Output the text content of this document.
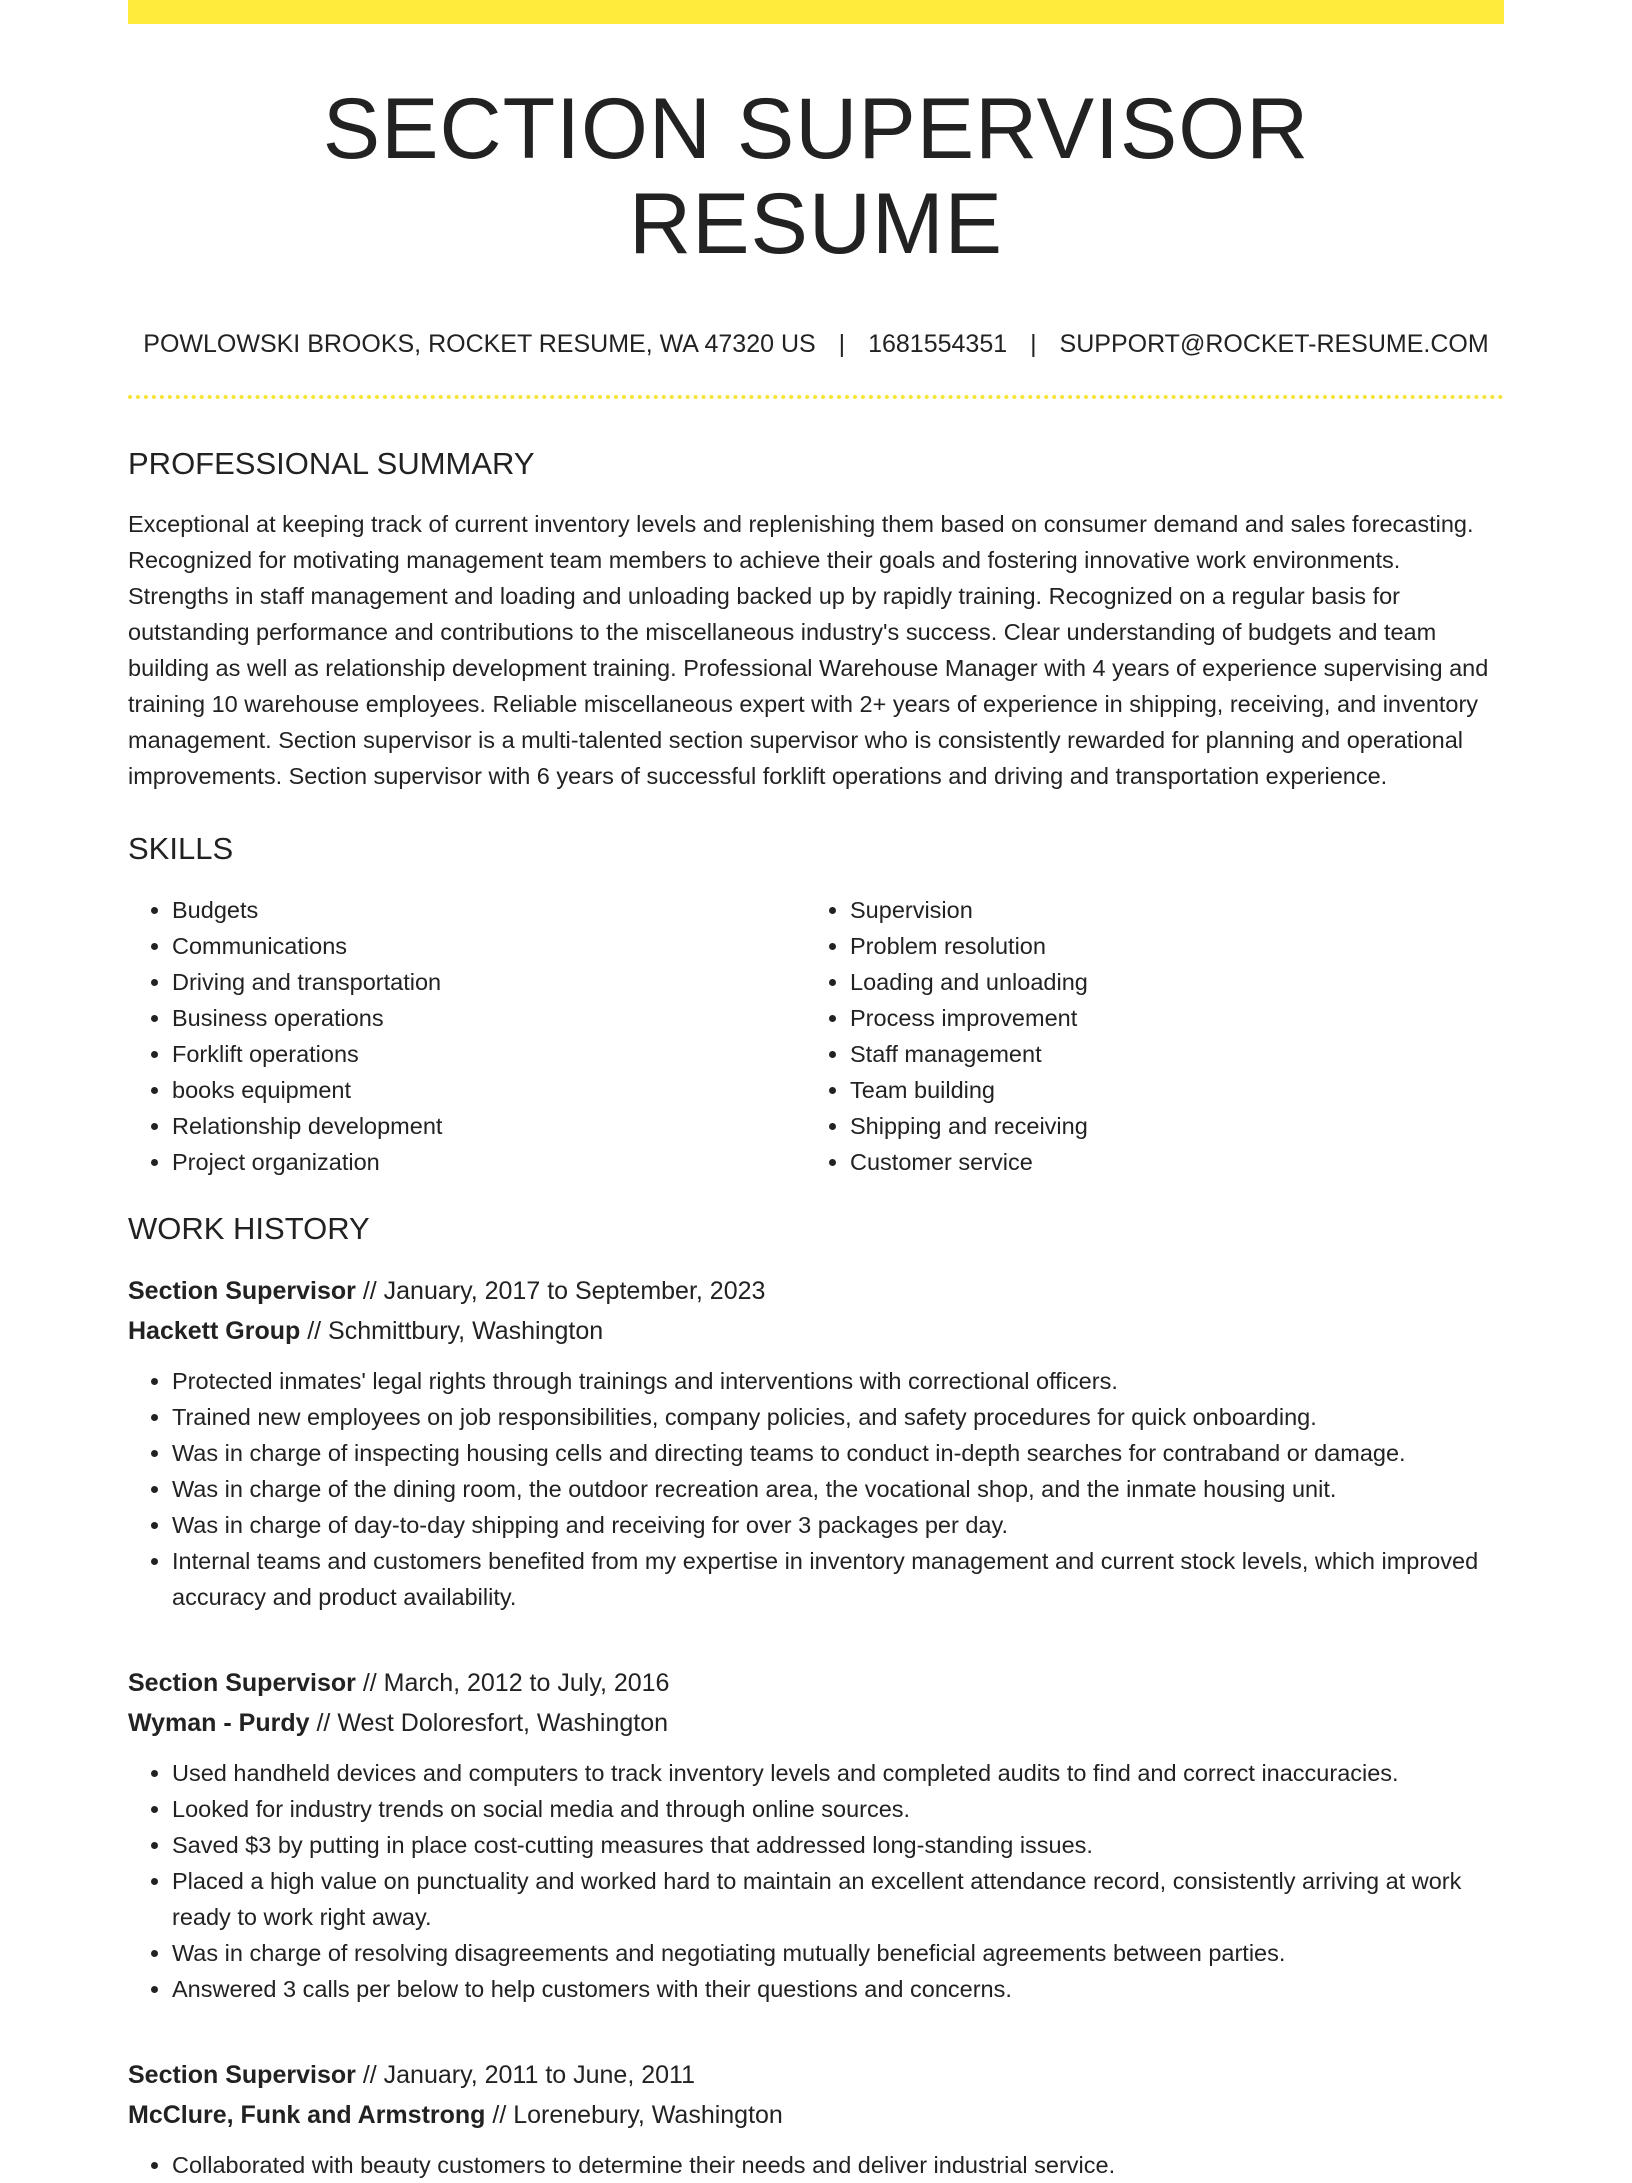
SECTION SUPERVISOR RESUME
POWLOWSKI BROOKS, ROCKET RESUME, WA 47320 US | 1681554351 | SUPPORT@ROCKET-RESUME.COM
PROFESSIONAL SUMMARY

Exceptional at keeping track of current inventory levels and replenishing them based on consumer demand and sales forecasting. Recognized for motivating management team members to achieve their goals and fostering innovative work environments. Strengths in staff management and loading and unloading backed up by rapidly training. Recognized on a regular basis for outstanding performance and contributions to the miscellaneous industry's success. Clear understanding of budgets and team building as well as relationship development training. Professional Warehouse Manager with 4 years of experience supervising and training 10 warehouse employees. Reliable miscellaneous expert with 2+ years of experience in shipping, receiving, and inventory management. Section supervisor is a multi-talented section supervisor who is consistently rewarded for planning and operational improvements. Section supervisor with 6 years of successful forklift operations and driving and transportation experience.

SKILLS
• Budgets
• Communications
• Driving and transportation
• Business operations
• Forklift operations
• books equipment
• Relationship development
• Project organization
• Supervision
• Problem resolution
• Loading and unloading
• Process improvement
• Staff management
• Team building
• Shipping and receiving
• Customer service
WORK HISTORY
Section Supervisor // January, 2017 to September, 2023
Hackett Group // Schmittbury, Washington
• Protected inmates' legal rights through trainings and interventions with correctional officers.
• Trained new employees on job responsibilities, company policies, and safety procedures for quick onboarding.
• Was in charge of inspecting housing cells and directing teams to conduct in-depth searches for contraband or damage.
• Was in charge of the dining room, the outdoor recreation area, the vocational shop, and the inmate housing unit.
• Was in charge of day-to-day shipping and receiving for over 3 packages per day.
• Internal teams and customers benefited from my expertise in inventory management and current stock levels, which improved accuracy and product availability.
Section Supervisor // March, 2012 to July, 2016
Wyman - Purdy // West Doloresfort, Washington
• Used handheld devices and computers to track inventory levels and completed audits to find and correct inaccuracies.
• Looked for industry trends on social media and through online sources.
• Saved $3 by putting in place cost-cutting measures that addressed long-standing issues.
• Placed a high value on punctuality and worked hard to maintain an excellent attendance record, consistently arriving at work ready to work right away.
• Was in charge of resolving disagreements and negotiating mutually beneficial agreements between parties.
• Answered 3 calls per below to help customers with their questions and concerns.
Section Supervisor // January, 2011 to June, 2011
McClure, Funk and Armstrong // Lorenebury, Washington
• Collaborated with beauty customers to determine their needs and deliver industrial service.
